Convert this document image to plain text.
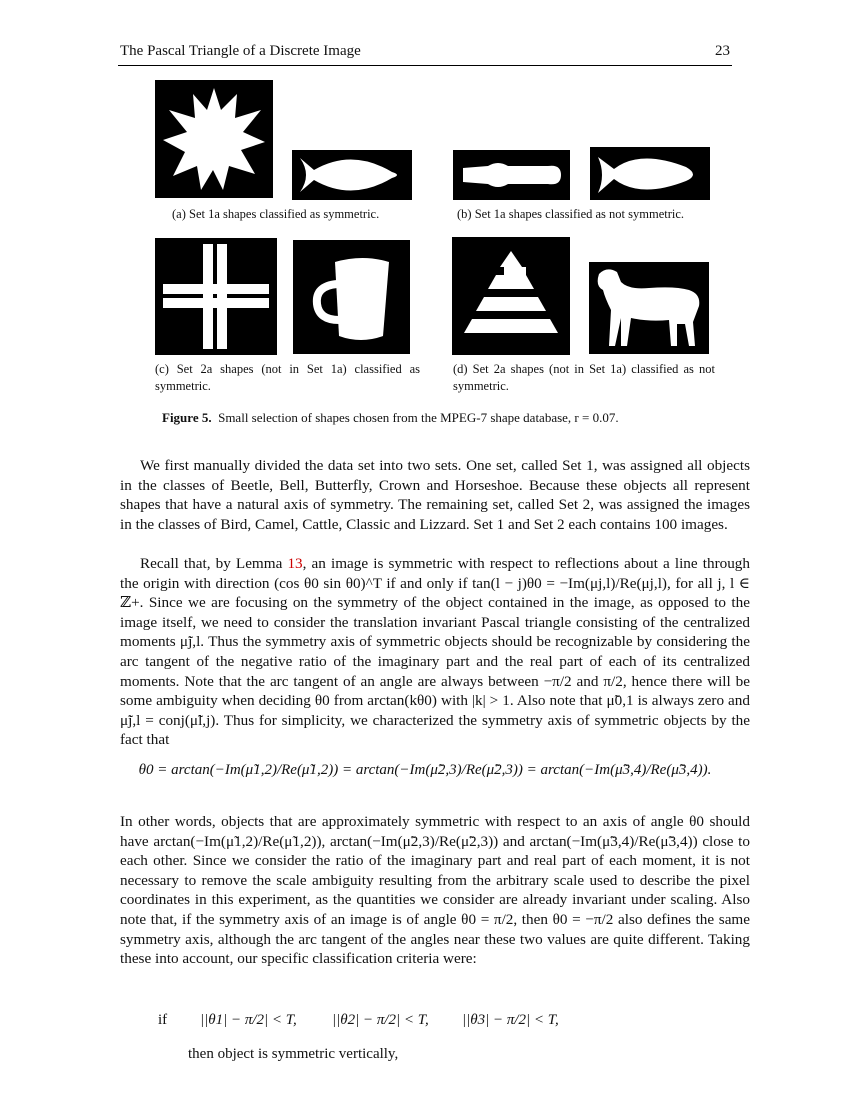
The Pascal Triangle of a Discrete Image	23
(a) Set 1a shapes classified as symmetric.	(b) Set 1a shapes classified as not symmetric.
(c) Set 2a shapes (not in Set 1a) classified as symmetric.
(d) Set 2a shapes (not in Set 1a) classified as not symmetric.
Figure 5. Small selection of shapes chosen from the MPEG-7 shape database, r = 0.07.

We first manually divided the data set into two sets. One set, called Set 1, was assigned all objects in the classes of Beetle, Bell, Butterfly, Crown and Horseshoe. Because these objects all represent shapes that have a natural axis of symmetry. The remaining set, called Set 2, was assigned the images in the classes of Bird, Camel, Cattle, Classic and Lizzard. Set 1 and Set 2 each contains 100 images.

Recall that, by Lemma 13, an image is symmetric with respect to reflections about a line through the origin with direction (cos θ0 sin θ0)^T if and only if tan(l − j)θ0 = −Im(μj,l)/Re(μj,l), for all j, l ∈ ℤ+. Since we are focusing on the symmetry of the object contained in the image, as opposed to the image itself, we need to consider the translation invariant Pascal triangle consisting of the centralized moments μ̃j,l. Thus the symmetry axis of symmetric objects should be recognizable by considering the arc tangent of the negative ratio of the imaginary part and the real part of each of its centralized moments. Note that the arc tangent of an angle are always between −π/2 and π/2, hence there will be some ambiguity when deciding θ0 from arctan(kθ0) with |k| > 1. Also note that μ̃0,1 is always zero and μ̃j,l = conj(μ̃l,j). Thus for simplicity, we characterized the symmetry axis of symmetric objects by the fact that

θ0 = arctan(−Im(μ̃1,2)/Re(μ̃1,2)) = arctan(−Im(μ̃2,3)/Re(μ̃2,3)) = arctan(−Im(μ̃3,4)/Re(μ̃3,4)).

In other words, objects that are approximately symmetric with respect to an axis of angle θ0 should have arctan(−Im(μ̃1,2)/Re(μ̃1,2)), arctan(−Im(μ̃2,3)/Re(μ̃2,3)) and arctan(−Im(μ̃3,4)/Re(μ̃3,4)) close to each other. Since we consider the ratio of the imaginary part and real part of each moment, it is not necessary to remove the scale ambiguity resulting from the arbitrary scale used to describe the pixel coordinates in this experiment, as the quantities we consider are already invariant under scaling. Also note that, if the symmetry axis of an image is of angle θ0 = π/2, then θ0 = −π/2 also defines the same symmetry axis, although the arc tangent of the angles near these two values are quite different. Taking these into account, our specific classification criteria were:

if ||θ1| − π/2| < T, ||θ2| − π/2| < T, ||θ3| − π/2| < T,
then object is symmetric vertically,
